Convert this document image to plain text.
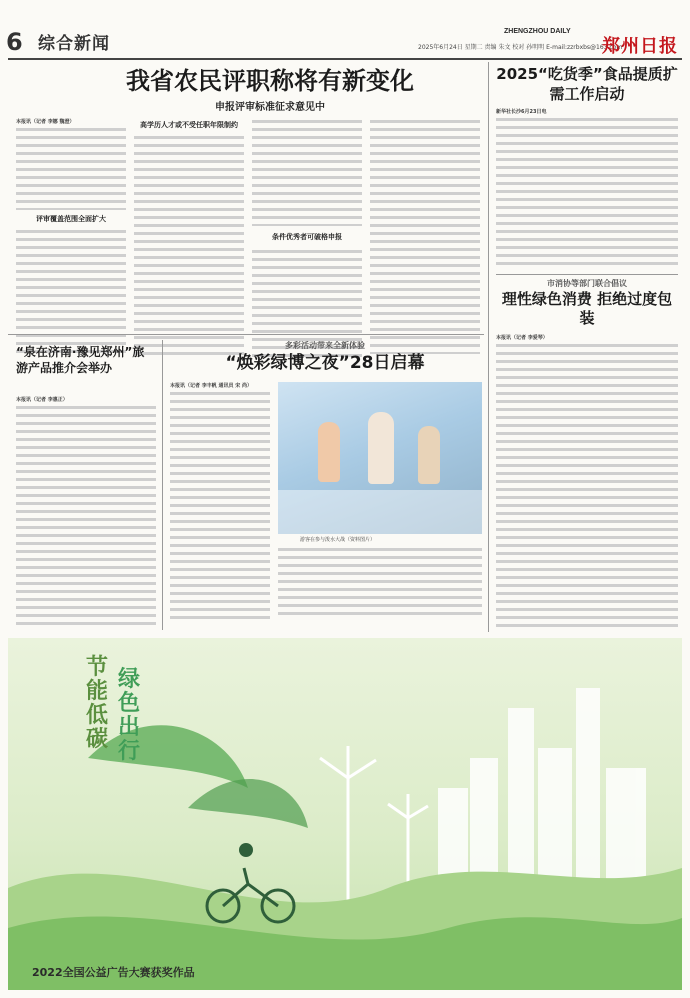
6 综合新闻
ZHENGZHOU DAILY
2025年6月24日 星期二 责编 朱文 校对 孙明明 E-mail:zzrbxbs@163.com
郑州日报
我省农民评职称将有新变化
申报评审标准征求意见中
本报讯（记者 李娜 魏澄）
评审覆盖范围全面扩大
高学历人才或不受任职年限制约
条件优秀者可破格申报
2025“吃货季”食品提质扩需工作启动
新华社长沙6月23日电
市消协等部门联合倡议
理性绿色消费 拒绝过度包装
本报讯（记者 李爱琴）
“泉在济南·豫见郑州”旅游产品推介会举办
本报讯（记者 李惠正）
多彩活动带来全新体验
“焕彩绿博之夜”28日启幕
本报讯（记者 李丰帆 通讯员 宋 尚）
游客在参与泼水大战（资料图片）
节能低碳
绿色出行
2022全国公益广告大赛获奖作品
